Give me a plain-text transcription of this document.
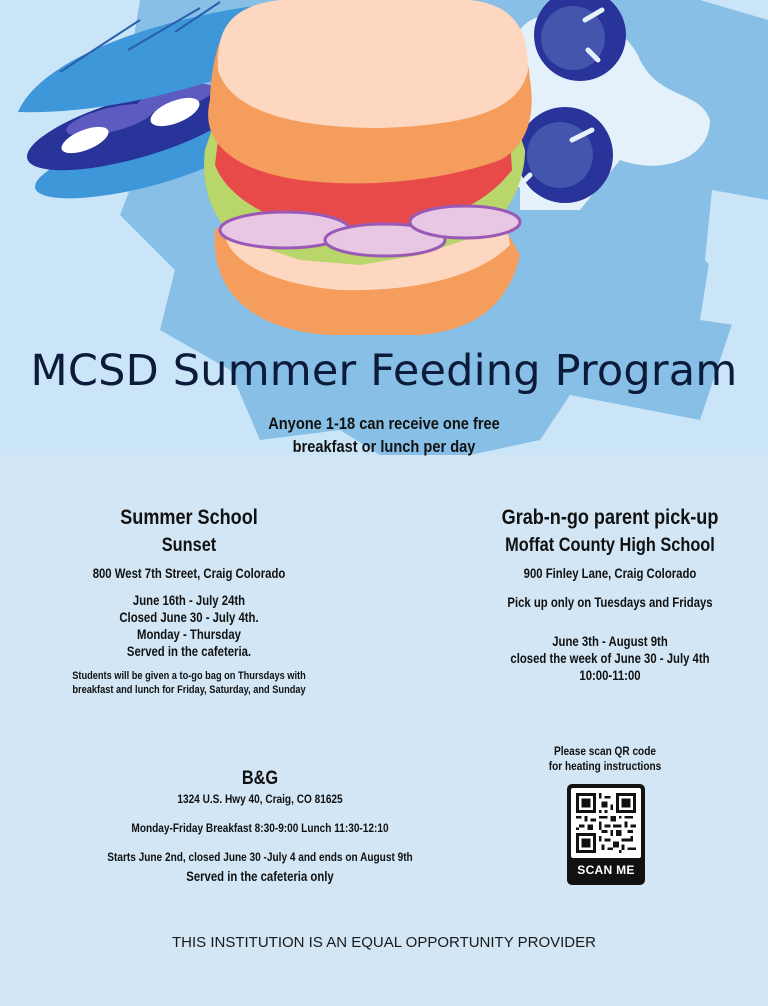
MCSD Summer Feeding Program
Anyone 1-18 can receive one free
breakfast or lunch per day
Summer School
Sunset
800 West 7th Street, Craig Colorado
June 16th - July 24th
Closed June 30 - July 4th.
Monday - Thursday
Served in the cafeteria.
Students will be given a to-go bag on Thursdays with
breakfast and lunch for Friday, Saturday, and Sunday
B&G
1324 U.S. Hwy 40, Craig, CO 81625
Monday-Friday Breakfast 8:30-9:00 Lunch 11:30-12:10
Starts June 2nd, closed June 30 -July 4 and ends on August 9th
Served in the cafeteria only
Grab-n-go parent pick-up
Moffat County High School
900 Finley Lane, Craig Colorado
Pick up only on Tuesdays and Fridays
June 3th - August 9th
closed the week of June 30 - July 4th
10:00-11:00
Please scan QR code
for heating instructions
SCAN ME
THIS INSTITUTION IS AN EQUAL OPPORTUNITY PROVIDER
